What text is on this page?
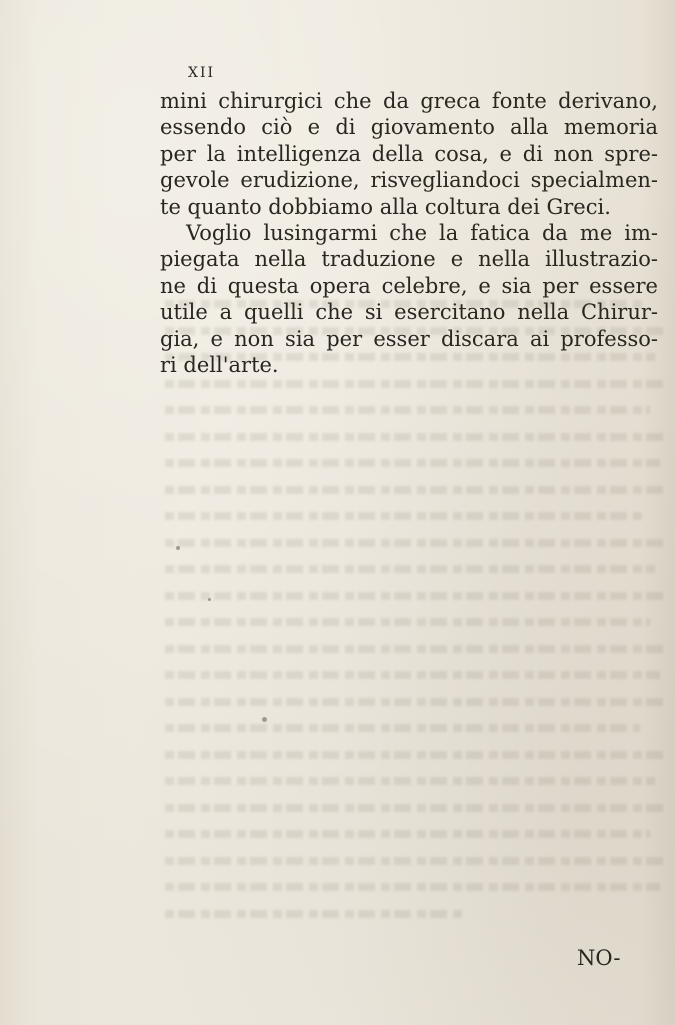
xii
mini chirurgici che da greca fonte derivano,
essendo ciò e di giovamento alla memoria
per la intelligenza della cosa, e di non spre-
gevole erudizione, risvegliandoci specialmen-
te quanto dobbiamo alla coltura dei Greci.
Voglio lusingarmi che la fatica da me im-
piegata nella traduzione e nella illustrazio-
ne di questa opera celebre, e sia per essere
utile a quelli che si esercitano nella Chirur-
gia, e non sia per esser discara ai professo-
ri dell'arte.
NO-
